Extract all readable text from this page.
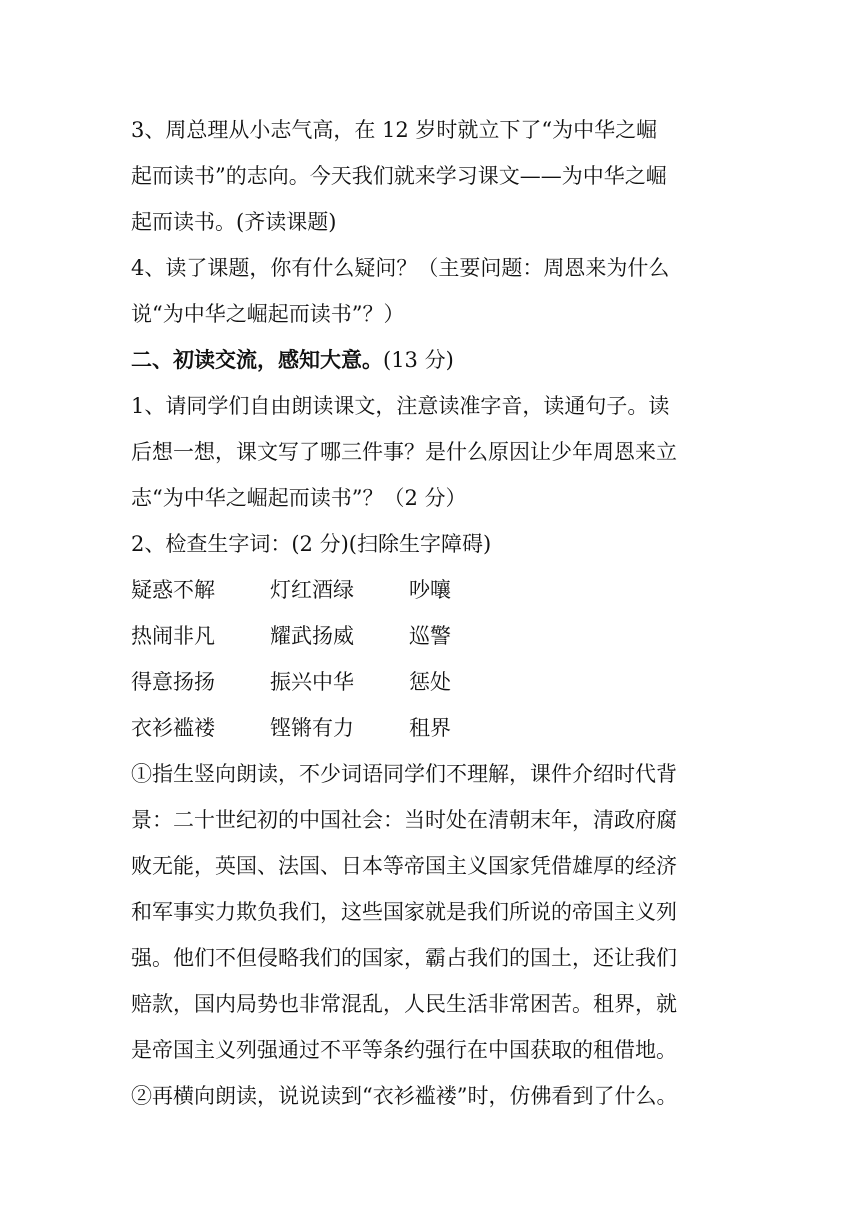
3、周总理从小志气高，在 12 岁时就立下了“为中华之崛
起而读书”的志向。今天我们就来学习课文——为中华之崛
起而读书。(齐读课题)
4、读了课题，你有什么疑问？（主要问题：周恩来为什么
说“为中华之崛起而读书”？）
二、初读交流，感知大意。(13 分)
1、请同学们自由朗读课文，注意读准字音，读通句子。读
后想一想，课文写了哪三件事？是什么原因让少年周恩来立
志“为中华之崛起而读书”？（2 分）
2、检查生字词：(2 分)(扫除生字障碍)
疑惑不解	灯红酒绿	吵嚷
热闹非凡	耀武扬威	巡警
得意扬扬	振兴中华	惩处
衣衫褴褛	铿锵有力	租界
①指生竖向朗读，不少词语同学们不理解，课件介绍时代背
景：二十世纪初的中国社会：当时处在清朝末年，清政府腐
败无能，英国、法国、日本等帝国主义国家凭借雄厚的经济
和军事实力欺负我们，这些国家就是我们所说的帝国主义列
强。他们不但侵略我们的国家，霸占我们的国土，还让我们
赔款，国内局势也非常混乱，人民生活非常困苦。租界，就
是帝国主义列强通过不平等条约强行在中国获取的租借地。
②再横向朗读，说说读到“衣衫褴褛”时，仿佛看到了什么。
